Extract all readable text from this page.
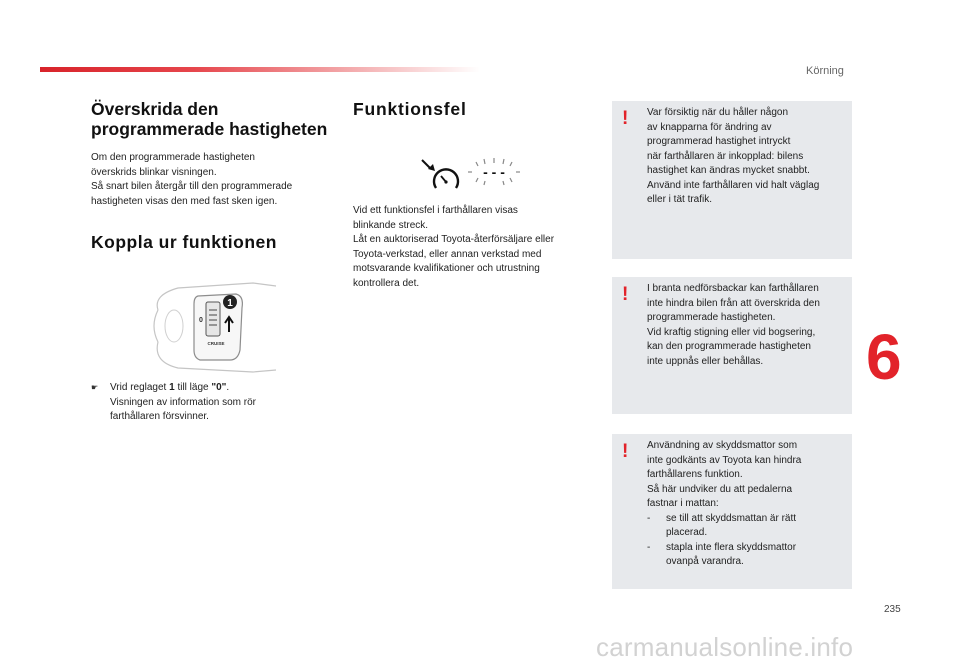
Körning
6
235
Överskrida den
programmerade hastigheten

Om den programmerade hastigheten

överskrids blinkar visningen.

Så snart bilen återgår till den programmerade

hastigheten visas den med fast sken igen.

Koppla ur funktionen
1
0
CRUISE
☛ Vrid reglaget 1 till läge "0".

Visningen av information som rör

farthållaren försvinner.

Funktionsfel
- - -

Vid ett funktionsfel i farthållaren visas

blinkande streck.

Låt en auktoriserad Toyota-återförsäljare eller

Toyota-verkstad, eller annan verkstad med

motsvarande kvalifikationer och utrustning

kontrollera det.

! Var försiktig när du håller någon

av knapparna för ändring av

programmerad hastighet intryckt

när farthållaren är inkopplad: bilens

hastighet kan ändras mycket snabbt.

Använd inte farthållaren vid halt väglag

eller i tät trafik.

! I branta nedförsbackar kan farthållaren

inte hindra bilen från att överskrida den

programmerade hastigheten.

Vid kraftig stigning eller vid bogsering,

kan den programmerade hastigheten

inte uppnås eller behållas.

! Användning av skyddsmattor som

inte godkänts av Toyota kan hindra

farthållarens funktion.

Så här undviker du att pedalerna

fastnar i mattan:

- se till att skyddsmattan är rätt
placerad.
- stapla inte flera skyddsmattor
ovanpå varandra.
carmanualsonline.info
